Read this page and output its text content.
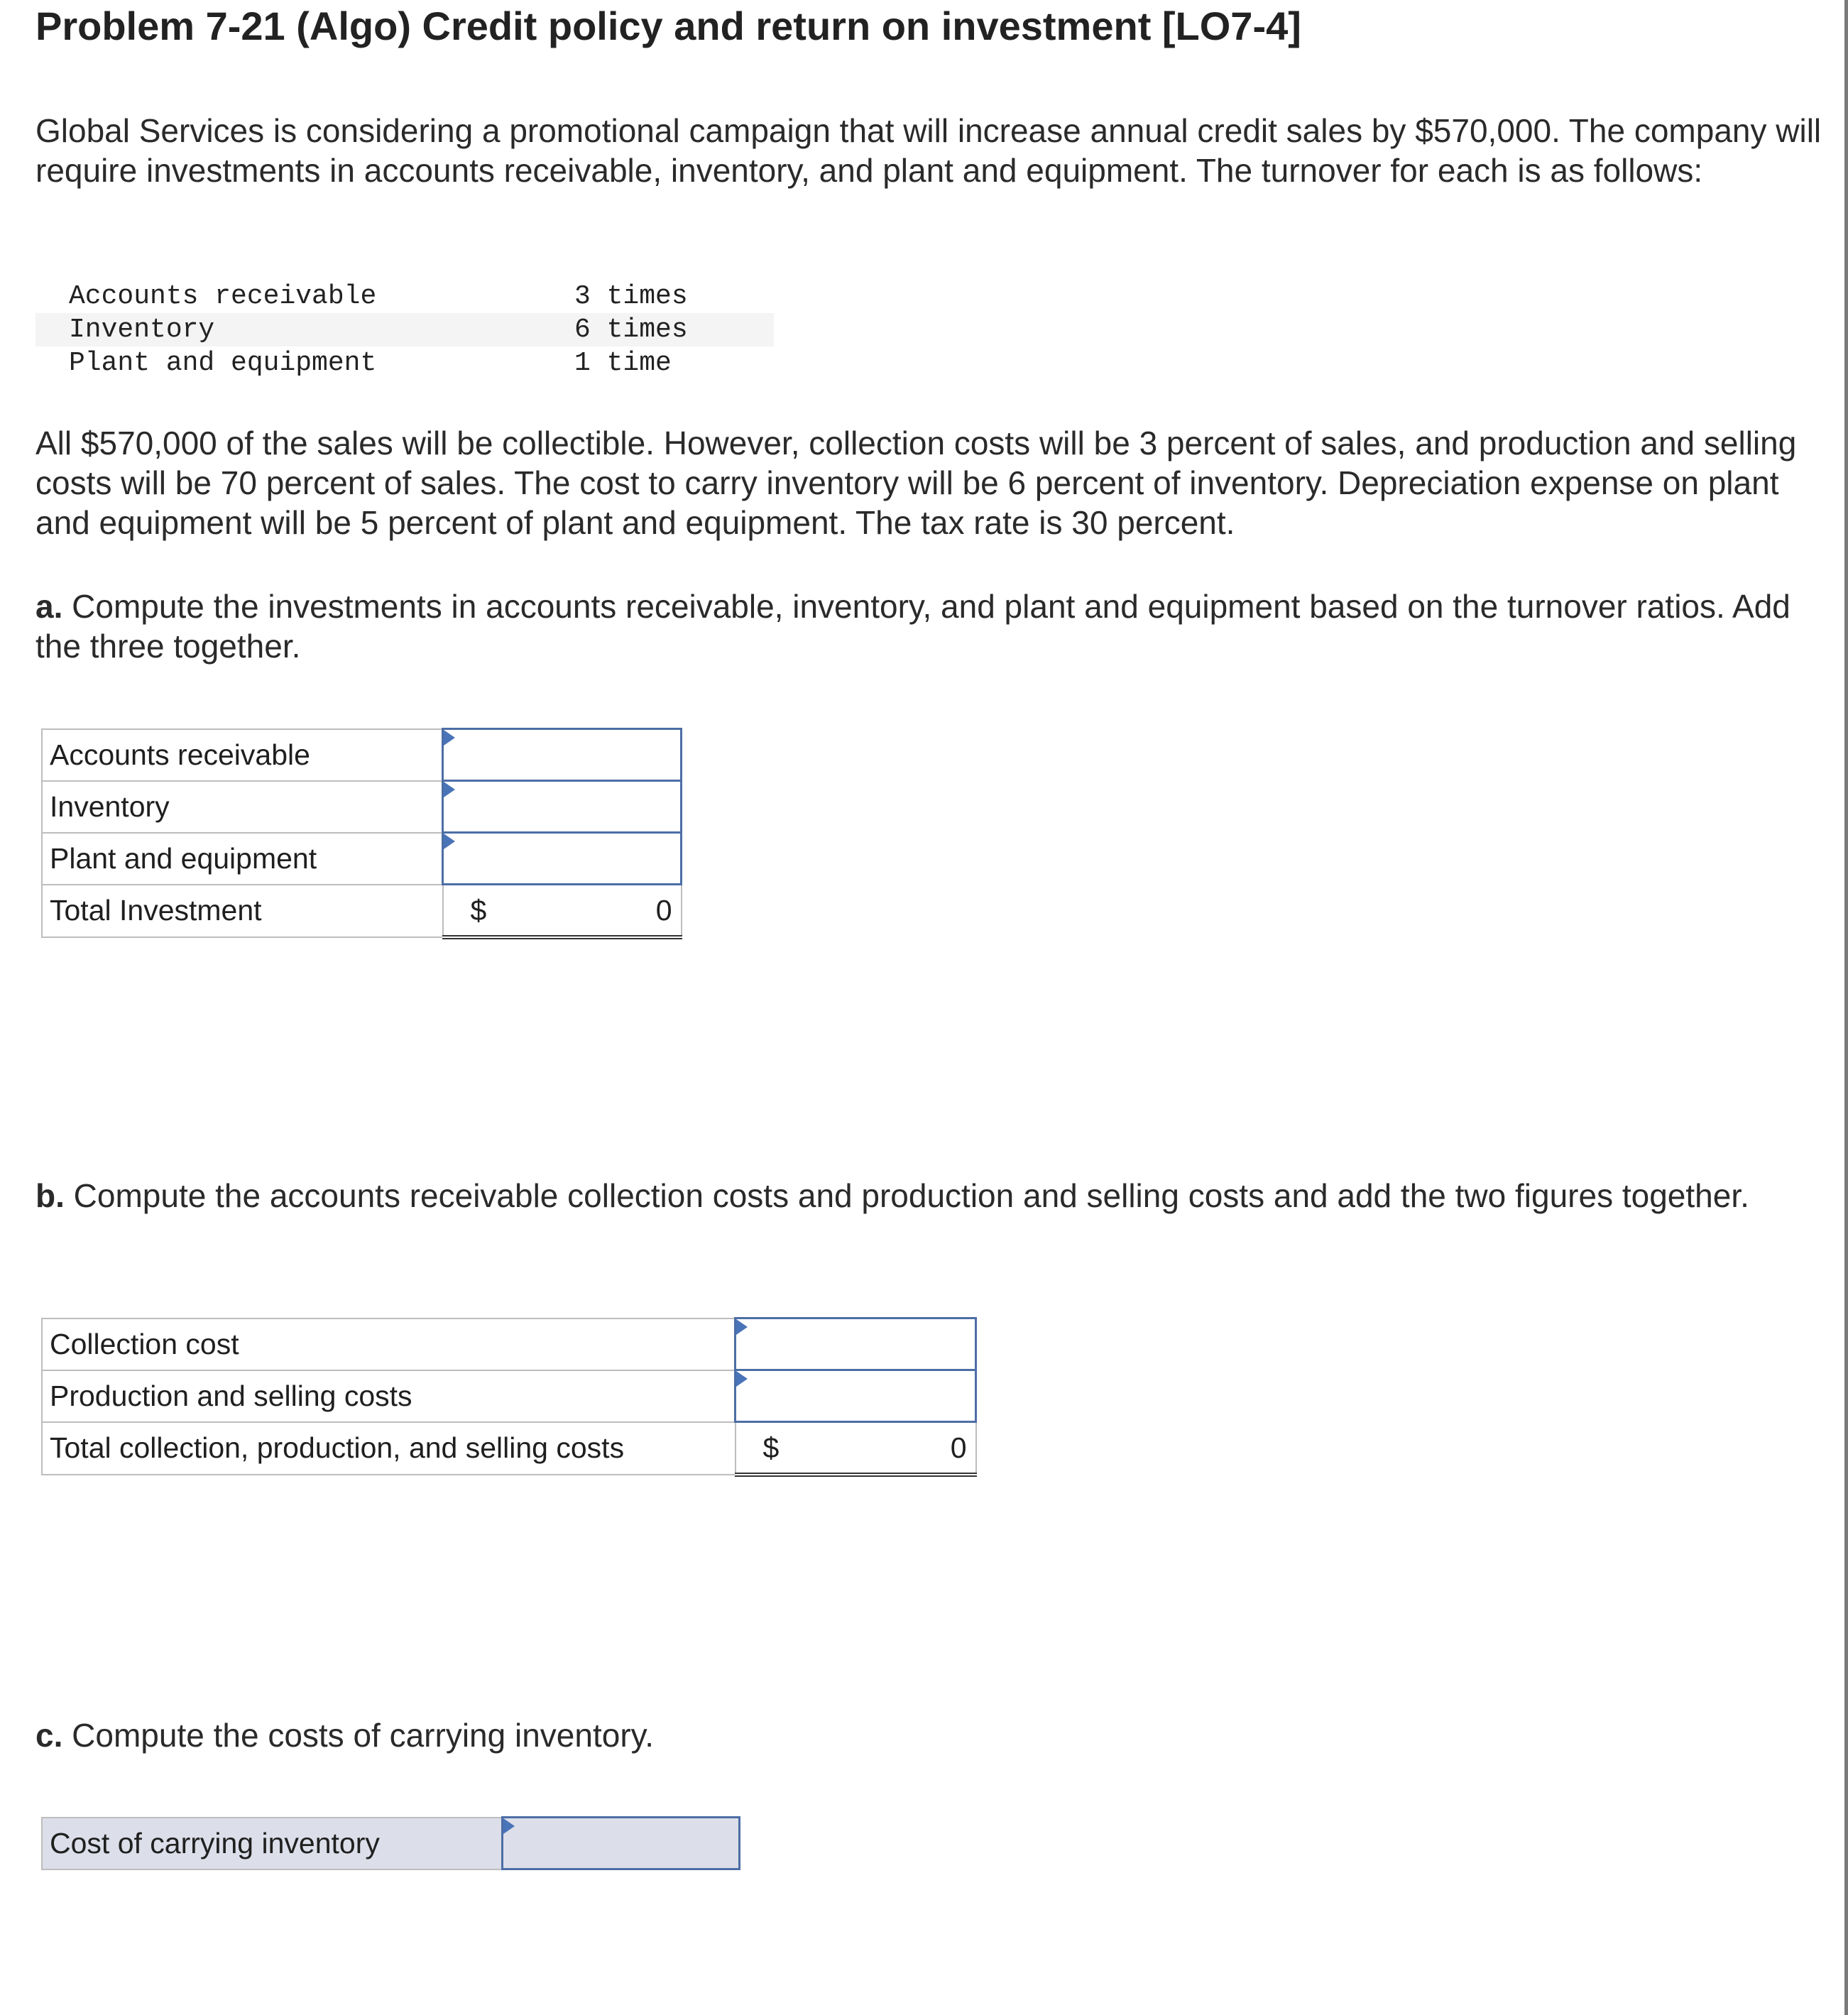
Problem 7-21 (Algo) Credit policy and return on investment [LO7-4]
Global Services is considering a promotional campaign that will increase annual credit sales by $570,000. The company will require investments in accounts receivable, inventory, and plant and equipment. The turnover for each is as follows:
Accounts receivable	3 times
Inventory	6 times
Plant and equipment	1 time
All $570,000 of the sales will be collectible. However, collection costs will be 3 percent of sales, and production and selling costs will be 70 percent of sales. The cost to carry inventory will be 6 percent of inventory. Depreciation expense on plant and equipment will be 5 percent of plant and equipment. The tax rate is 30 percent.
a. Compute the investments in accounts receivable, inventory, and plant and equipment based on the turnover ratios. Add the three together.
Accounts receivable	
Inventory	
Plant and equipment	
Total Investment	$ 0
b. Compute the accounts receivable collection costs and production and selling costs and add the two figures together.
Collection cost	
Production and selling costs	
Total collection, production, and selling costs	$ 0
c. Compute the costs of carrying inventory.
Cost of carrying inventory	
